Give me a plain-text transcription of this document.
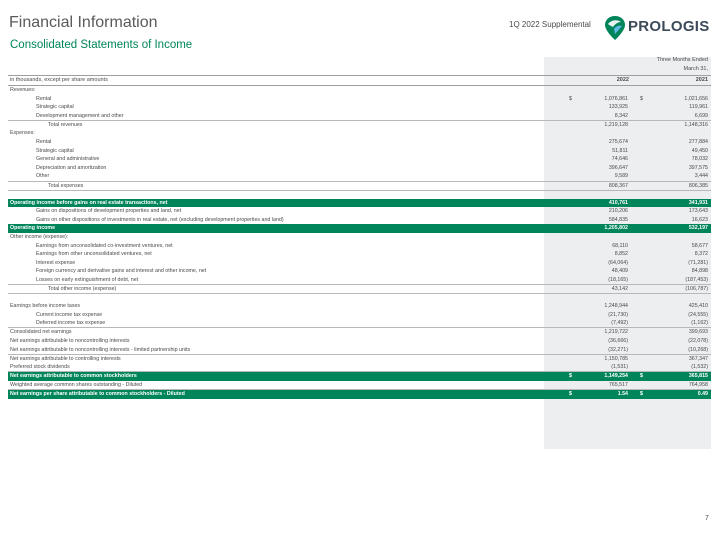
Financial Information
Consolidated Statements of Income
1Q 2022 Supplemental PROLOGIS
Three Months Ended
March 31,
in thousands, except per share amounts	2022	2021
Revenues:
Rental	$	1,076,861 $	1,021,656
Strategic capital	133,925	119,961
Development management and other	8,342	6,699
Total revenues	1,219,128	1,148,316
Expenses:
Rental	275,674	277,884
Strategic capital	51,811	49,450
General and administrative	74,646	78,032
Depreciation and amortization	396,647	397,575
Other	9,589	3,444
Total expenses	808,367	806,385
Operating income before gains on real estate transactions, net	410,761	341,931
Gains on dispositions of development properties and land, net	210,206	173,643
Gains on other dispositions of investments in real estate, net (excluding development properties and land)	584,835	16,623
Operating income	1,205,802	532,197
Other income (expense):
Earnings from unconsolidated co-investment ventures, net	68,110	58,677
Earnings from other unconsolidated ventures, net	8,852	8,372
Interest expense	(64,064)	(71,281)
Foreign currency and derivative gains and interest and other income, net	48,409	84,898
Losses on early extinguishment of debt, net	(18,165)	(187,453)
Total other income (expense)	43,142	(106,787)
Earnings before income taxes	1,248,944	425,410
Current income tax expense	(21,730)	(24,555)
Deferred income tax expense	(7,492)	(1,162)
Consolidated net earnings	1,219,722	399,693
Net earnings attributable to noncontrolling interests	(36,666)	(22,078)
Net earnings attributable to noncontrolling interests - limited partnership units	(32,271)	(10,268)
Net earnings attributable to controlling interests	1,150,785	367,347
Preferred stock dividends	(1,531)	(1,532)
Net earnings attributable to common stockholders	$	1,149,254 $	365,815
Weighted average common shares outstanding - Diluted	765,517	764,958
Net earnings per share attributable to common stockholders - Diluted	$	1.54 $	0.49
7
